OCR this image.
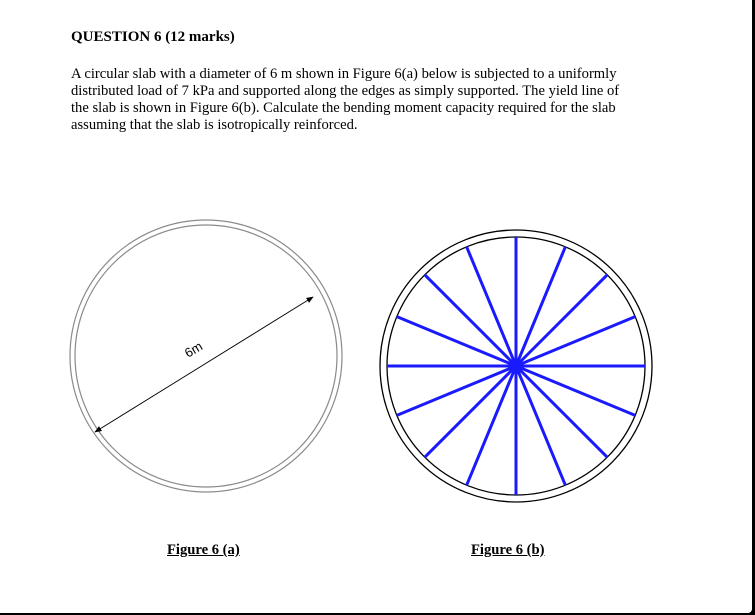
QUESTION 6 (12 marks)

A circular slab with a diameter of 6 m shown in Figure 6(a) below is subjected to a uniformly
distributed load of 7 kPa and supported along the edges as simply supported. The yield line of
the slab is shown in Figure 6(b). Calculate the bending moment capacity required for the slab
assuming that the slab is isotropically reinforced.
6m
Figure 6 (a)	Figure 6 (b)
